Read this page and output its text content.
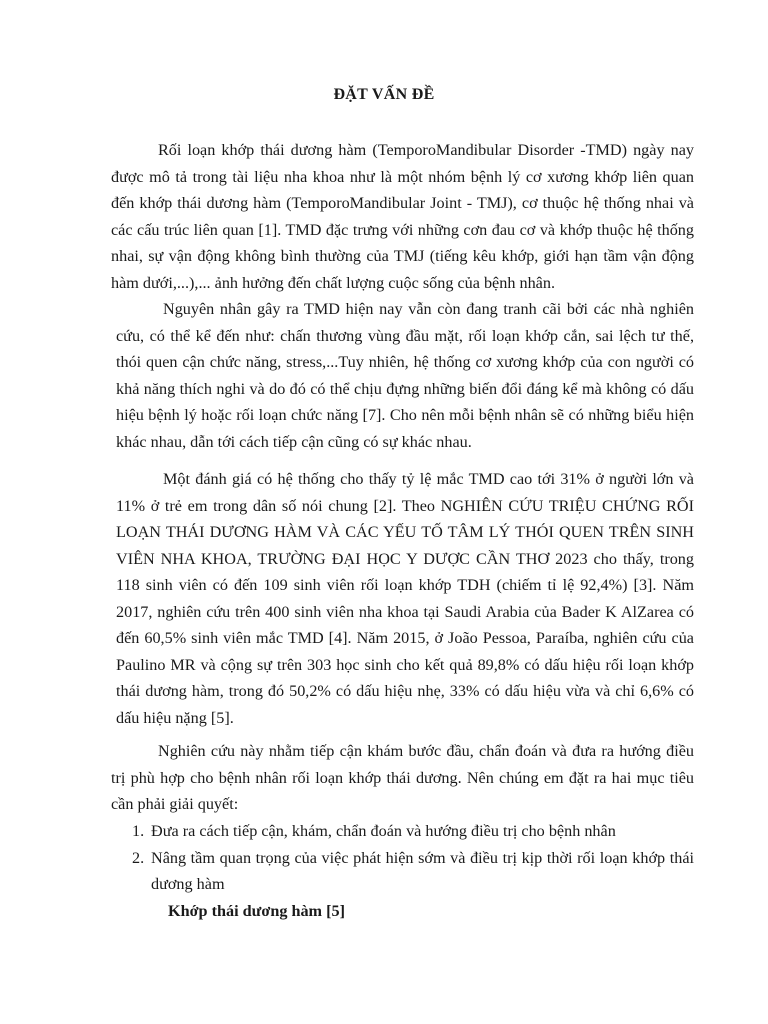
ĐẶT VẤN ĐỀ

Rối loạn khớp thái dương hàm (TemporoMandibular Disorder -TMD) ngày nay được mô tả trong tài liệu nha khoa như là một nhóm bệnh lý cơ xương khớp liên quan đến khớp thái dương hàm (TemporoMandibular Joint - TMJ), cơ thuộc hệ thống nhai và các cấu trúc liên quan [1]. TMD đặc trưng với những cơn đau cơ và khớp thuộc hệ thống nhai, sự vận động không bình thường của TMJ (tiếng kêu khớp, giới hạn tầm vận động hàm dưới,...),... ảnh hưởng đến chất lượng cuộc sống của bệnh nhân.

Nguyên nhân gây ra TMD hiện nay vẫn còn đang tranh cãi bởi các nhà nghiên cứu, có thể kể đến như: chấn thương vùng đầu mặt, rối loạn khớp cắn, sai lệch tư thế, thói quen cận chức năng, stress,...Tuy nhiên, hệ thống cơ xương khớp của con người có khả năng thích nghi và do đó có thể chịu đựng những biến đổi đáng kể mà không có dấu hiệu bệnh lý hoặc rối loạn chức năng [7]. Cho nên mỗi bệnh nhân sẽ có những biểu hiện khác nhau, dẫn tới cách tiếp cận cũng có sự khác nhau.

Một đánh giá có hệ thống cho thấy tỷ lệ mắc TMD cao tới 31% ở người lớn và 11% ở trẻ em trong dân số nói chung [2]. Theo NGHIÊN CỨU TRIỆU CHỨNG RỐI LOẠN THÁI DƯƠNG HÀM VÀ CÁC YẾU TỐ TÂM LÝ THÓI QUEN TRÊN SINH VIÊN NHA KHOA, TRƯỜNG ĐẠI HỌC Y DƯỢC CẦN THƠ 2023 cho thấy, trong 118 sinh viên có đến 109 sinh viên rối loạn khớp TDH (chiếm tỉ lệ 92,4%) [3]. Năm 2017, nghiên cứu trên 400 sinh viên nha khoa tại Saudi Arabia của Bader K AlZarea có đến 60,5% sinh viên mắc TMD [4]. Năm 2015, ở João Pessoa, Paraíba, nghiên cứu của Paulino MR và cộng sự trên 303 học sinh cho kết quả 89,8% có dấu hiệu rối loạn khớp thái dương hàm, trong đó 50,2% có dấu hiệu nhẹ, 33% có dấu hiệu vừa và chỉ 6,6% có dấu hiệu nặng [5].

Nghiên cứu này nhằm tiếp cận khám bước đầu, chẩn đoán và đưa ra hướng điều trị phù hợp cho bệnh nhân rối loạn khớp thái dương. Nên chúng em đặt ra hai mục tiêu cần phải giải quyết:

1. Đưa ra cách tiếp cận, khám, chẩn đoán và hướng điều trị cho bệnh nhân
2. Nâng tầm quan trọng của việc phát hiện sớm và điều trị kịp thời rối loạn khớp thái dương hàm
Khớp thái dương hàm [5]
